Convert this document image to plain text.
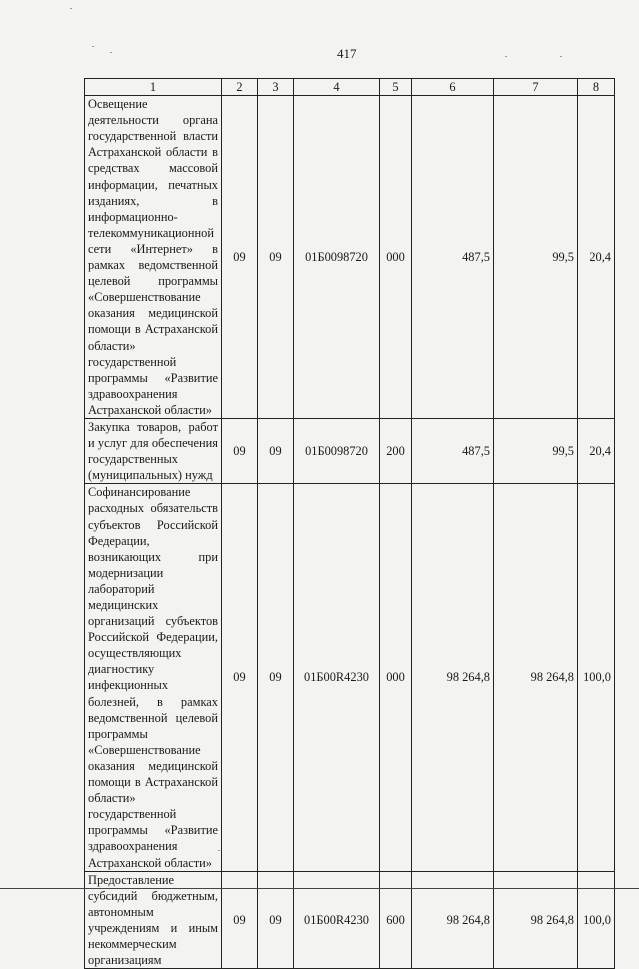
417
1	2	3	4	5	6	7	8
Освещение деятельности органа государственной власти Астраханской области в средствах массовой информации, печатных изданиях, в информационно-телекоммуникационной сети «Интернет» в рамках ведомственной целевой программы «Совершенствование оказания медицинской помощи в Астраханской области» государственной программы «Развитие здравоохранения Астраханской области»	09	09	01Б0098720	000	487,5	99,5	20,4
Закупка товаров, работ и услуг для обеспечения государственных (муниципальных) нужд	09	09	01Б0098720	200	487,5	99,5	20,4
Софинансирование расходных обязательств субъектов Российской Федерации, возникающих при модернизации лабораторий медицинских организаций субъектов Российской Федерации, осуществляющих диагностику инфекционных болезней, в рамках ведомственной целевой программы «Совершенствование оказания медицинской помощи в Астраханской области» государственной программы «Развитие здравоохранения Астраханской области»	09	09	01Б00R4230	000	98 264,8	98 264,8	100,0
Предоставление субсидий бюджетным, автономным учреждениям и иным некоммерческим организациям	09	09	01Б00R4230	600	98 264,8	98 264,8	100,0
